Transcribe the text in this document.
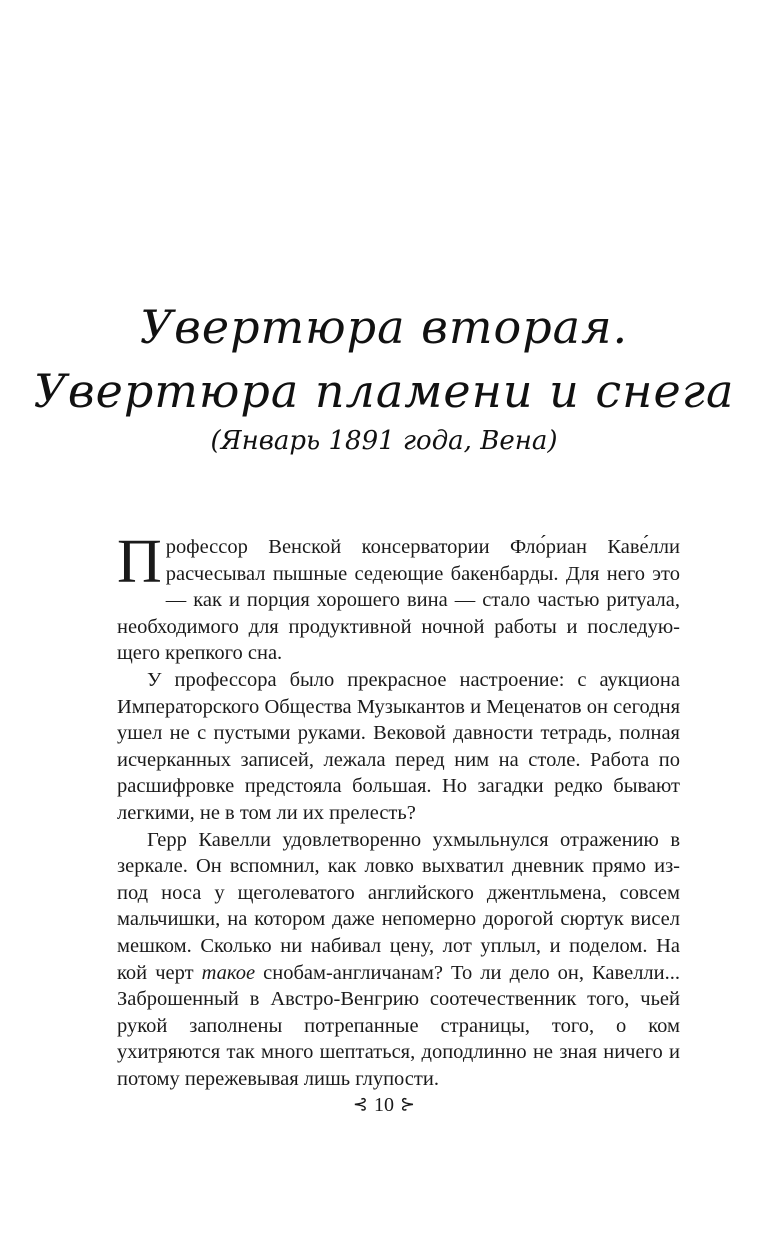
Увертюра вторая.
Увертюра пламени и снега
(Январь 1891 года, Вена)

Профессор Венской консерватории Фло́риан Каве́лли расчесывал пышные седеющие бакенбарды. Для него это — как и порция хорошего вина — стало частью ритуала, необходимого для продуктивной ночной работы и последующего крепкого сна.

У профессора было прекрасное настроение: с аукциона Императорского Общества Музыкантов и Меценатов он сегодня ушел не с пустыми руками. Вековой давности тетрадь, полная исчерканных записей, лежала перед ним на столе. Работа по расшифровке предстояла большая. Но загадки редко бывают легкими, не в том ли их прелесть?

Герр Кавелли удовлетворенно ухмыльнулся отражению в зеркале. Он вспомнил, как ловко выхватил дневник прямо из-под носа у щеголеватого английского джентльмена, совсем мальчишки, на котором даже непомерно дорогой сюртук висел мешком. Сколько ни набивал цену, лот уплыл, и поделом. На кой черт такое снобам-англичанам? То ли дело он, Кавелли... Заброшенный в Австро-Венгрию соотечественник того, чьей рукой заполнены потрепанные страницы, того, о ком ухитряются так много шептаться, доподлинно не зная ничего и потому пережевывая лишь глупости.

⊰ 10 ⊱
